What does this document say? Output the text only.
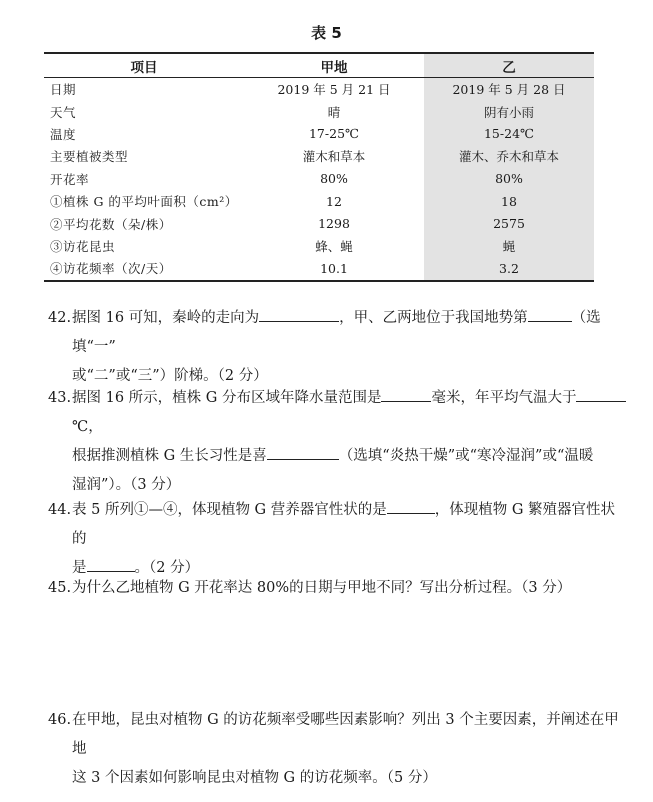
表 5
项目	甲地	乙
日期	2019 年 5 月 21 日	2019 年 5 月 28 日
天气	晴	阴有小雨
温度	17-25℃	15-24℃
主要植被类型	灌木和草本	灌木、乔木和草本
开花率	80%	80%
①植株 G 的平均叶面积（cm²）	12	18
②平均花数（朵/株）	1298	2575
③访花昆虫	蜂、蝇	蝇
④访花频率（次/天）	10.1	3.2
42. 据图 16 可知，秦岭的走向为	，甲、乙两地位于我国地势第	（选填“一”
或“二”或“三”）阶梯。（2 分）
43. 据图 16 所示，植株 G 分布区域年降水量范围是	毫米，年平均气温大于℃，
根据推测植株 G 生长习性是喜	（选填“炎热干燥”或“寒冷湿润”或“温暖
湿润”）。（3 分）
44. 表 5 所列①—④，体现植物 G 营养器官性状的是	，体现植物 G 繁殖器官性状的
是	。（2 分）
45. 为什么乙地植物 G 开花率达 80%的日期与甲地不同？写出分析过程。（3 分）
46. 在甲地，昆虫对植物 G 的访花频率受哪些因素影响？列出 3 个主要因素，并阐述在甲地
这 3 个因素如何影响昆虫对植物 G 的访花频率。（5 分）
